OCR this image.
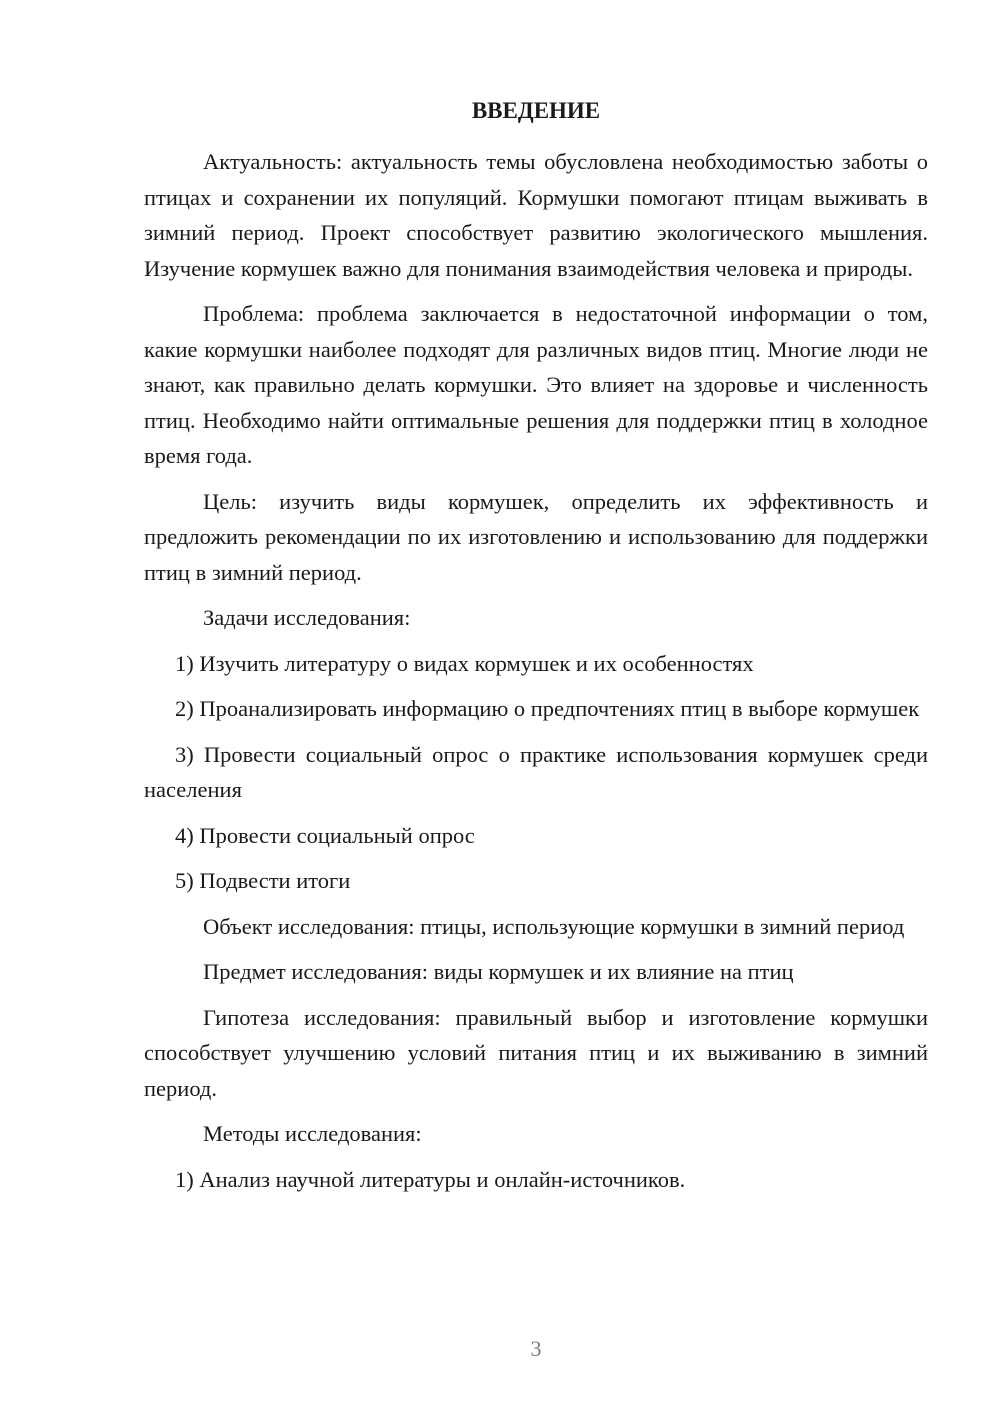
ВВЕДЕНИЕ

Актуальность: актуальность темы обусловлена необходимостью заботы о птицах и сохранении их популяций. Кормушки помогают птицам выживать в зимний период. Проект способствует развитию экологического мышления. Изучение кормушек важно для понимания взаимодействия человека и природы.

Проблема: проблема заключается в недостаточной информации о том, какие кормушки наиболее подходят для различных видов птиц. Многие люди не знают, как правильно делать кормушки. Это влияет на здоровье и численность птиц. Необходимо найти оптимальные решения для поддержки птиц в холодное время года.

Цель: изучить виды кормушек, определить их эффективность и предложить рекомендации по их изготовлению и использованию для поддержки птиц в зимний период.

Задачи исследования:

1) Изучить литературу о видах кормушек и их особенностях

2) Проанализировать информацию о предпочтениях птиц в выборе кормушек

3) Провести социальный опрос о практике использования кормушек среди населения

4) Провести социальный опрос

5) Подвести итоги

Объект исследования: птицы, использующие кормушки в зимний период

Предмет исследования: виды кормушек и их влияние на птиц

Гипотеза исследования: правильный выбор и изготовление кормушки способствует улучшению условий питания птиц и их выживанию в зимний период.

Методы исследования:

1) Анализ научной литературы и онлайн-источников.

3
